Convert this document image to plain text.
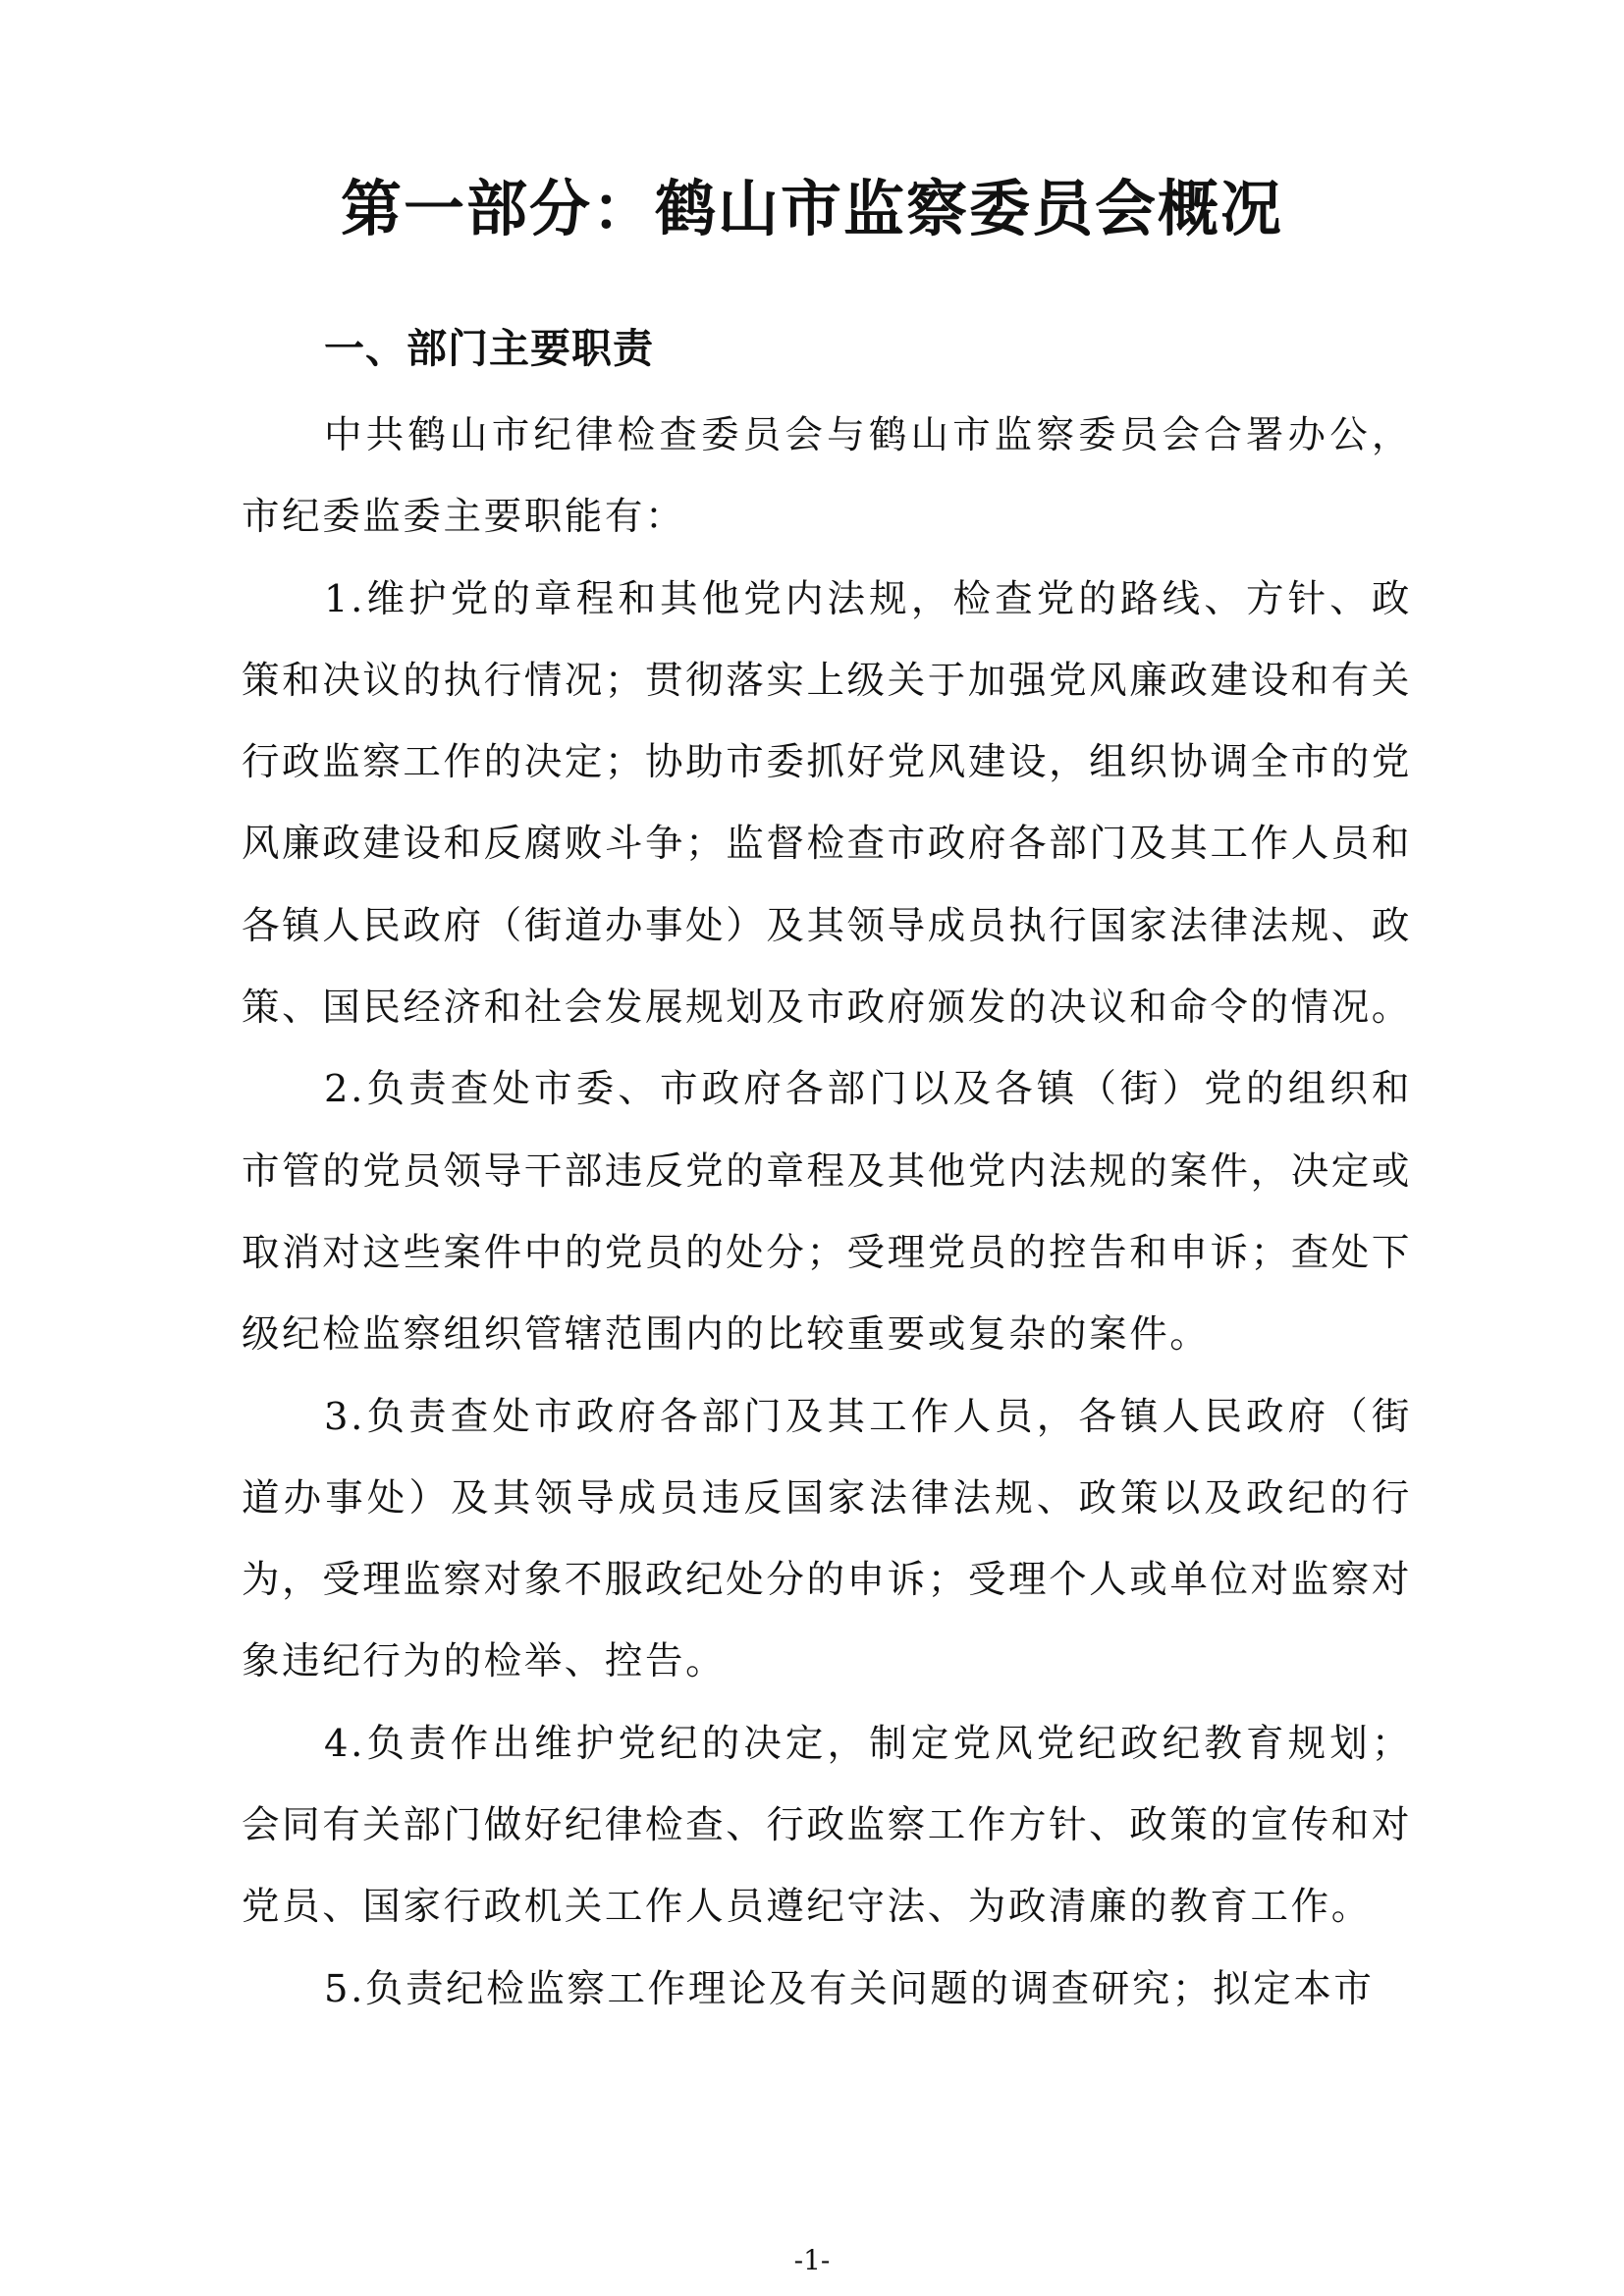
第一部分：鹤山市监察委员会概况
一、部门主要职责

中共鹤山市纪律检查委员会与鹤山市监察委员会合署办公，市纪委监委主要职能有：

1.维护党的章程和其他党内法规，检查党的路线、方针、政策和决议的执行情况；贯彻落实上级关于加强党风廉政建设和有关行政监察工作的决定；协助市委抓好党风建设，组织协调全市的党风廉政建设和反腐败斗争；监督检查市政府各部门及其工作人员和各镇人民政府（街道办事处）及其领导成员执行国家法律法规、政策、国民经济和社会发展规划及市政府颁发的决议和命令的情况。

2.负责查处市委、市政府各部门以及各镇（街）党的组织和市管的党员领导干部违反党的章程及其他党内法规的案件，决定或取消对这些案件中的党员的处分；受理党员的控告和申诉；查处下级纪检监察组织管辖范围内的比较重要或复杂的案件。

3.负责查处市政府各部门及其工作人员，各镇人民政府（街道办事处）及其领导成员违反国家法律法规、政策以及政纪的行为，受理监察对象不服政纪处分的申诉；受理个人或单位对监察对象违纪行为的检举、控告。

4.负责作出维护党纪的决定，制定党风党纪政纪教育规划；会同有关部门做好纪律检查、行政监察工作方针、政策的宣传和对党员、国家行政机关工作人员遵纪守法、为政清廉的教育工作。

5.负责纪检监察工作理论及有关问题的调查研究；拟定本市

-1-
